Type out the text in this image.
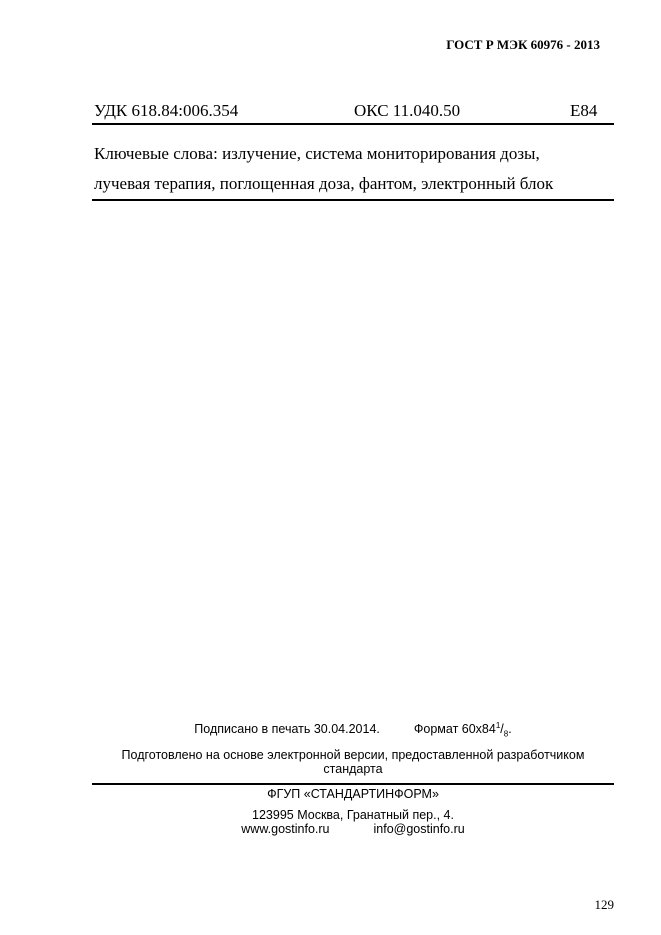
ГОСТ Р МЭК 60976 - 2013
УДК 618.84:006.354	ОКС 11.040.50	Е84
Ключевые слова: излучение, система мониторирования дозы,
лучевая терапия, поглощенная доза, фантом, электронный блок
Подписано в печать 30.04.2014.	Формат $60х84^1/_8$.
Подготовлено на основе электронной версии, предоставленной разработчиком
стандарта
ФГУП «СТАНДАРТИНФОРМ»
123995 Москва, Гранатный пер., 4.
www.gostinfo.ru	info@gostinfo.ru
129
